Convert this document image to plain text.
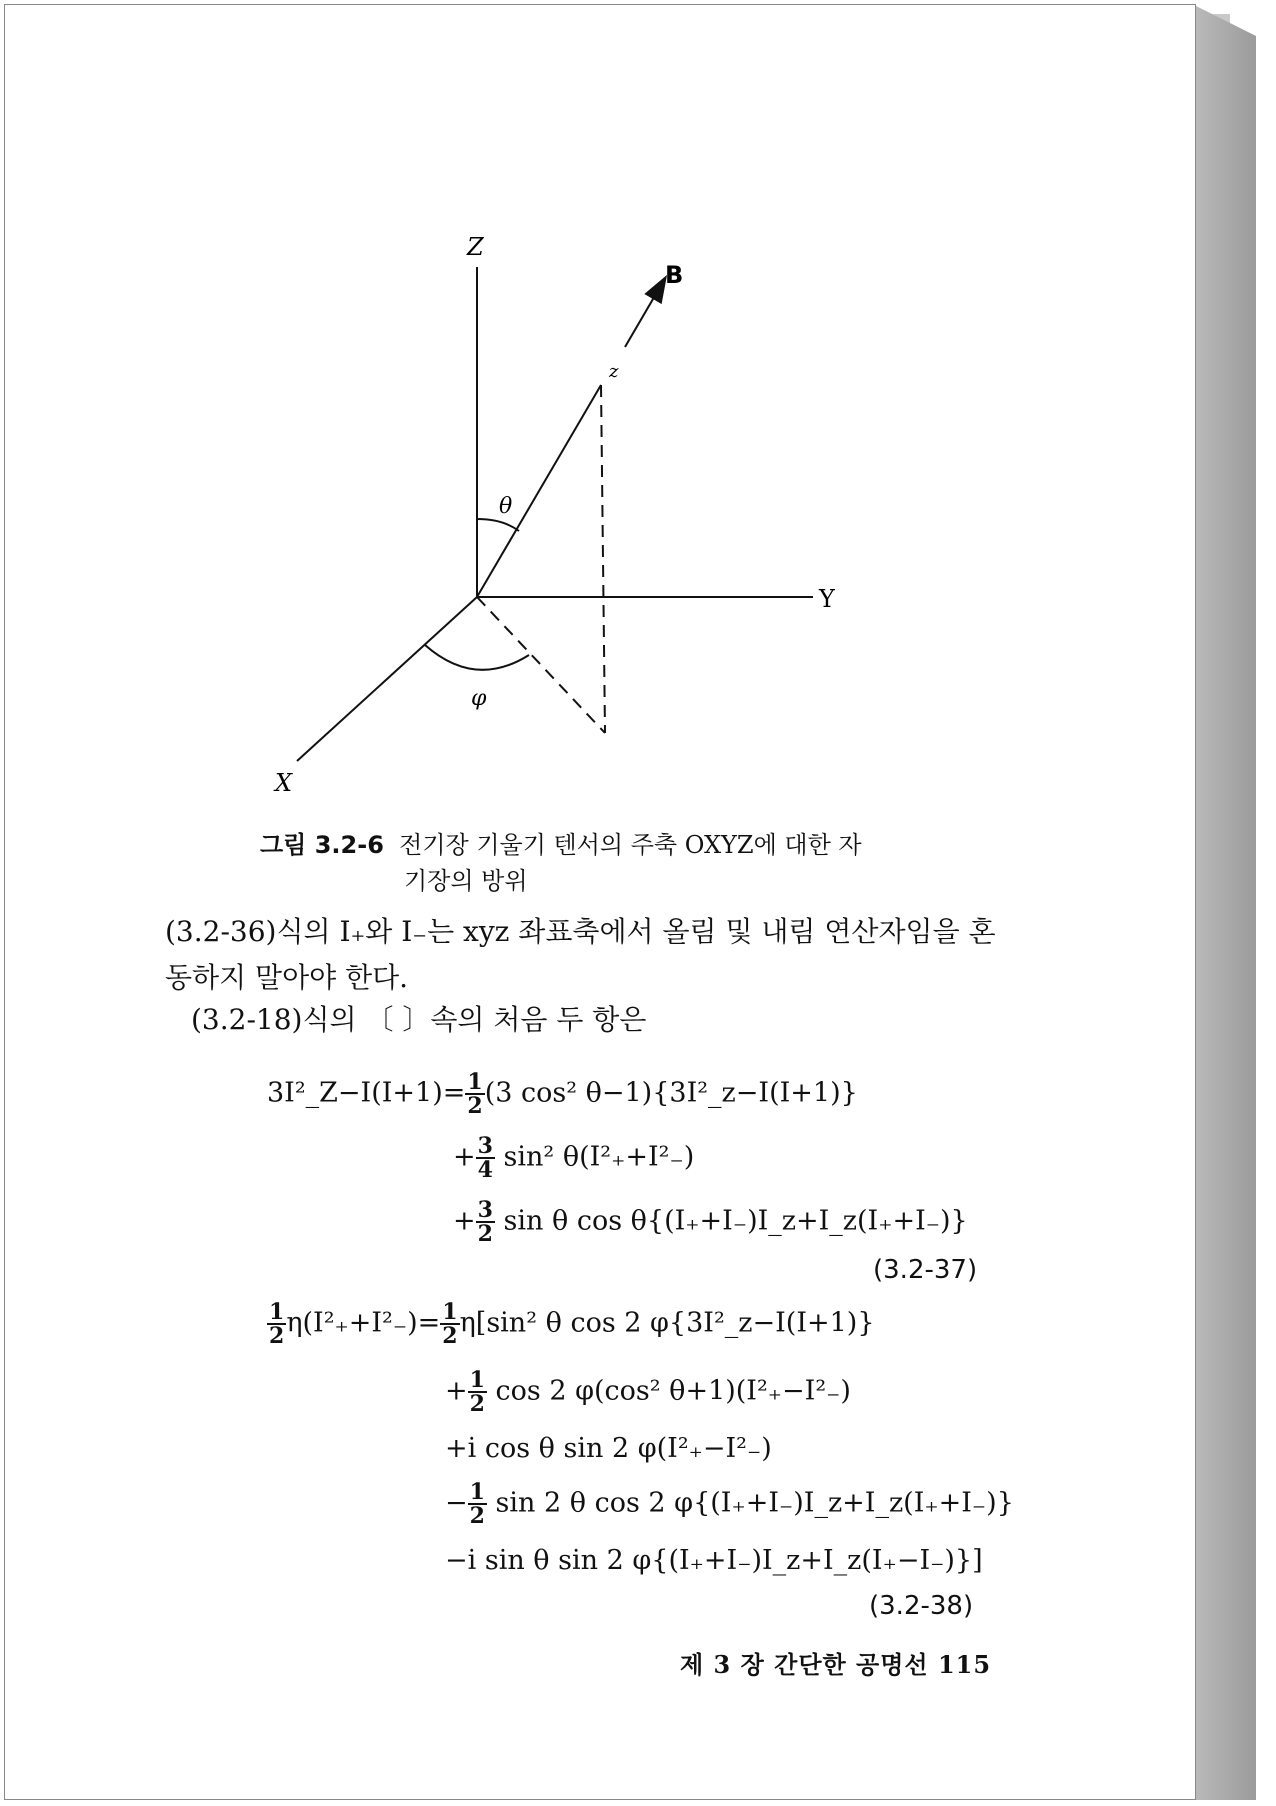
Z
Y
X
B
z
θ
φ
그림 3.2-6 전기장 기울기 텐서의 주축 OXYZ에 대한 자
기장의 방위
(3.2-36)식의 I₊와 I₋는 xyz 좌표축에서 올림 및 내림 연산자임을 혼
동하지 말아야 한다.
(3.2-18)식의 〔 〕속의 처음 두 항은
3I²_Z−I(I+1)= $\frac{1}{2} (3$ cos² θ−1){3I²_z−I(I+1)}
+ $\frac{3}{4} \sin^2$ θ(I²₊+I²₋)
+ $\frac{3}{2}$ sin θ cos θ{(I₊+I₋)I_z+I_z(I₊+I₋)}
(3.2-37)
$\frac{1}{2} \eta(I^2_++I^2_-)= \frac{1}{2} \eta[\sin^2$ θ cos 2 φ{3I²_z−I(I+1)}
+ $\frac{1}{2}$ cos 2 φ(cos² θ+1)(I²₊−I²₋)
+i cos θ sin 2 φ(I²₊−I²₋)
− $\frac{1}{2}$ sin 2 θ cos 2 φ{(I₊+I₋)I_z+I_z(I₊+I₋)}
−i sin θ sin 2 φ{(I₊+I₋)I_z+I_z(I₊−I₋)}]
(3.2-38)
제 3 장 간단한 공명선 115
